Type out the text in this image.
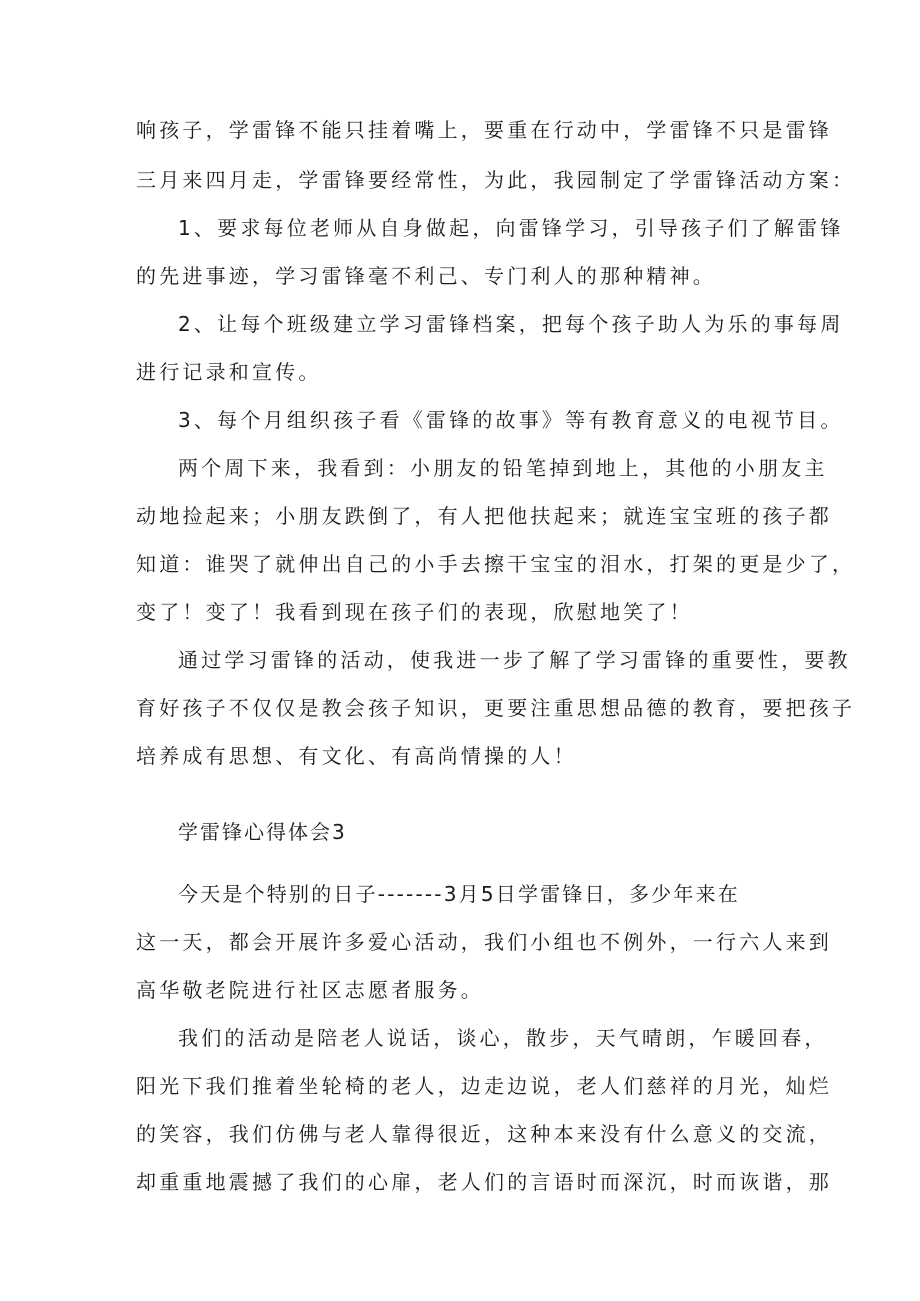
响孩子，学雷锋不能只挂着嘴上，要重在行动中，学雷锋不只是雷锋
三月来四月走，学雷锋要经常性，为此，我园制定了学雷锋活动方案：
1、要求每位老师从自身做起，向雷锋学习，引导孩子们了解雷锋
的先进事迹，学习雷锋毫不利己、专门利人的那种精神。
2、让每个班级建立学习雷锋档案，把每个孩子助人为乐的事每周
进行记录和宣传。
3、每个月组织孩子看《雷锋的故事》等有教育意义的电视节目。
两个周下来，我看到：小朋友的铅笔掉到地上，其他的小朋友主
动地捡起来；小朋友跌倒了，有人把他扶起来；就连宝宝班的孩子都
知道：谁哭了就伸出自己的小手去擦干宝宝的泪水，打架的更是少了，
变了！变了！我看到现在孩子们的表现，欣慰地笑了！
通过学习雷锋的活动，使我进一步了解了学习雷锋的重要性，要教
育好孩子不仅仅是教会孩子知识，更要注重思想品德的教育，要把孩子
培养成有思想、有文化、有高尚情操的人！
学雷锋心得体会3
今天是个特别的日子-------3月5日学雷锋日，多少年来在
这一天，都会开展许多爱心活动，我们小组也不例外，一行六人来到
高华敬老院进行社区志愿者服务。
我们的活动是陪老人说话，谈心，散步，天气晴朗，乍暖回春，
阳光下我们推着坐轮椅的老人，边走边说，老人们慈祥的月光，灿烂
的笑容，我们仿佛与老人靠得很近，这种本来没有什么意义的交流，
却重重地震撼了我们的心扉，老人们的言语时而深沉，时而诙谐，那
